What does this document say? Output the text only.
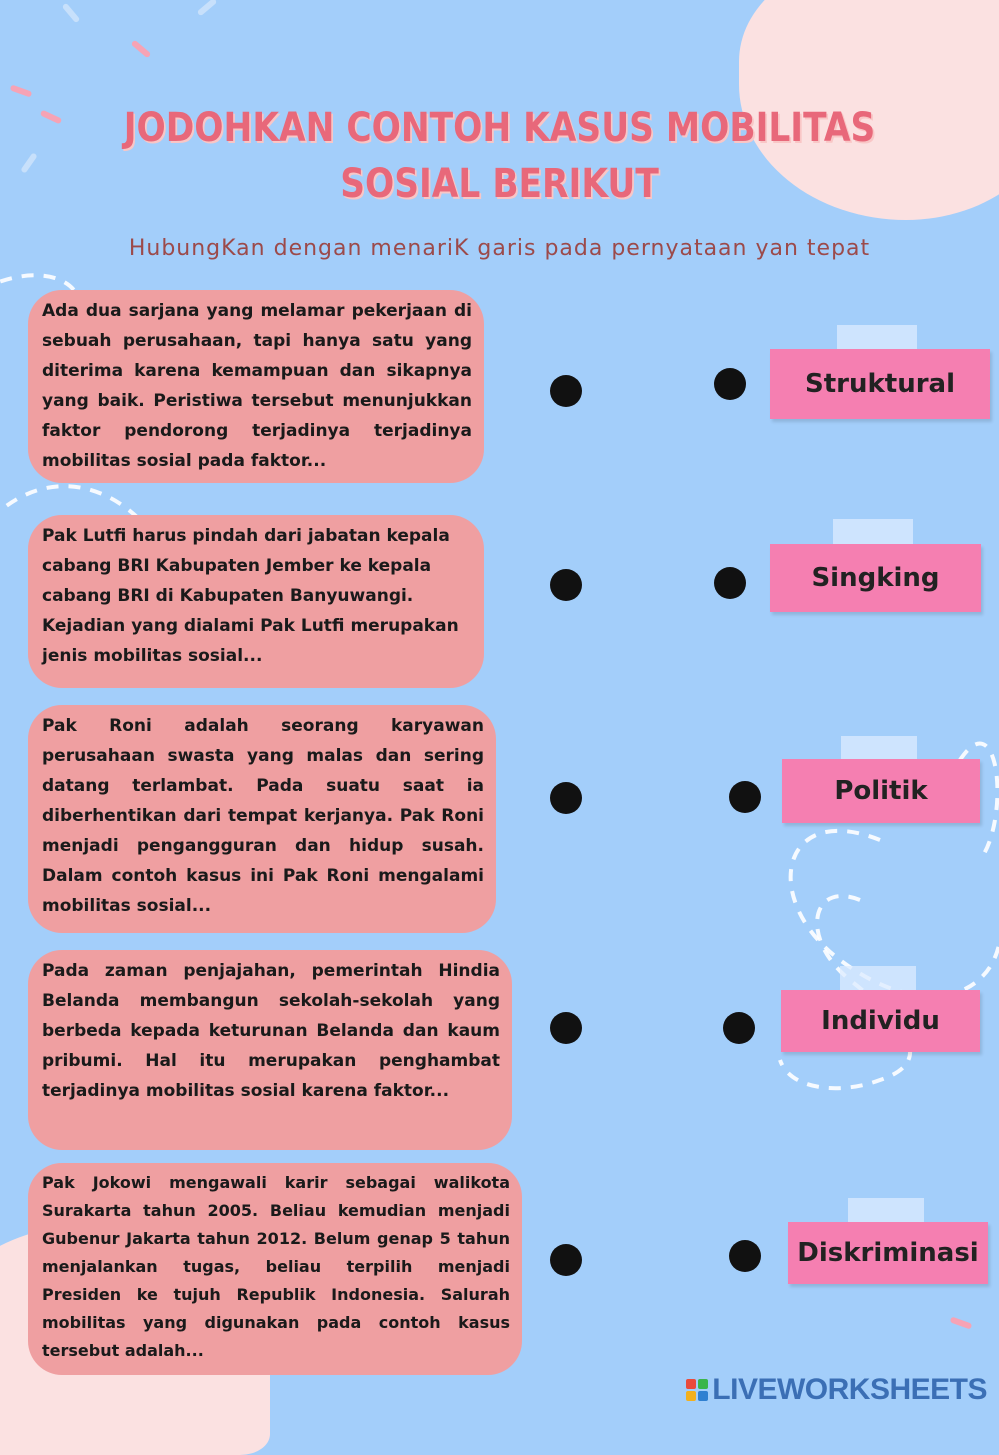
JODOHKAN CONTOH KASUS MOBILITAS
SOSIAL BERIKUT
HubungKan dengan menariK garis pada pernyataan yan tepat

Ada dua sarjana yang melamar pekerjaan di sebuah perusahaan, tapi hanya satu yang diterima karena kemampuan dan sikapnya yang baik. Peristiwa tersebut menunjukkan faktor pendorong terjadinya terjadinya mobilitas sosial pada faktor...

Pak Lutfi harus pindah dari jabatan kepala cabang BRI Kabupaten Jember ke kepala cabang BRI di Kabupaten Banyuwangi. Kejadian yang dialami Pak Lutfi merupakan jenis mobilitas sosial...

Pak Roni adalah seorang karyawan perusahaan swasta yang malas dan sering datang terlambat. Pada suatu saat ia diberhentikan dari tempat kerjanya. Pak Roni menjadi pengangguran dan hidup susah. Dalam contoh kasus ini Pak Roni mengalami mobilitas sosial...

Pada zaman penjajahan, pemerintah Hindia Belanda membangun sekolah-sekolah yang berbeda kepada keturunan Belanda dan kaum pribumi. Hal itu merupakan penghambat terjadinya mobilitas sosial karena faktor...

Pak Jokowi mengawali karir sebagai walikota Surakarta tahun 2005. Beliau kemudian menjadi Gubenur Jakarta tahun 2012. Belum genap 5 tahun menjalankan tugas, beliau terpilih menjadi Presiden ke tujuh Republik Indonesia. Salurah mobilitas yang digunakan pada contoh kasus tersebut adalah...

Struktural
Singking
Politik
Individu
Diskriminasi
LIVEWORKSHEETS
